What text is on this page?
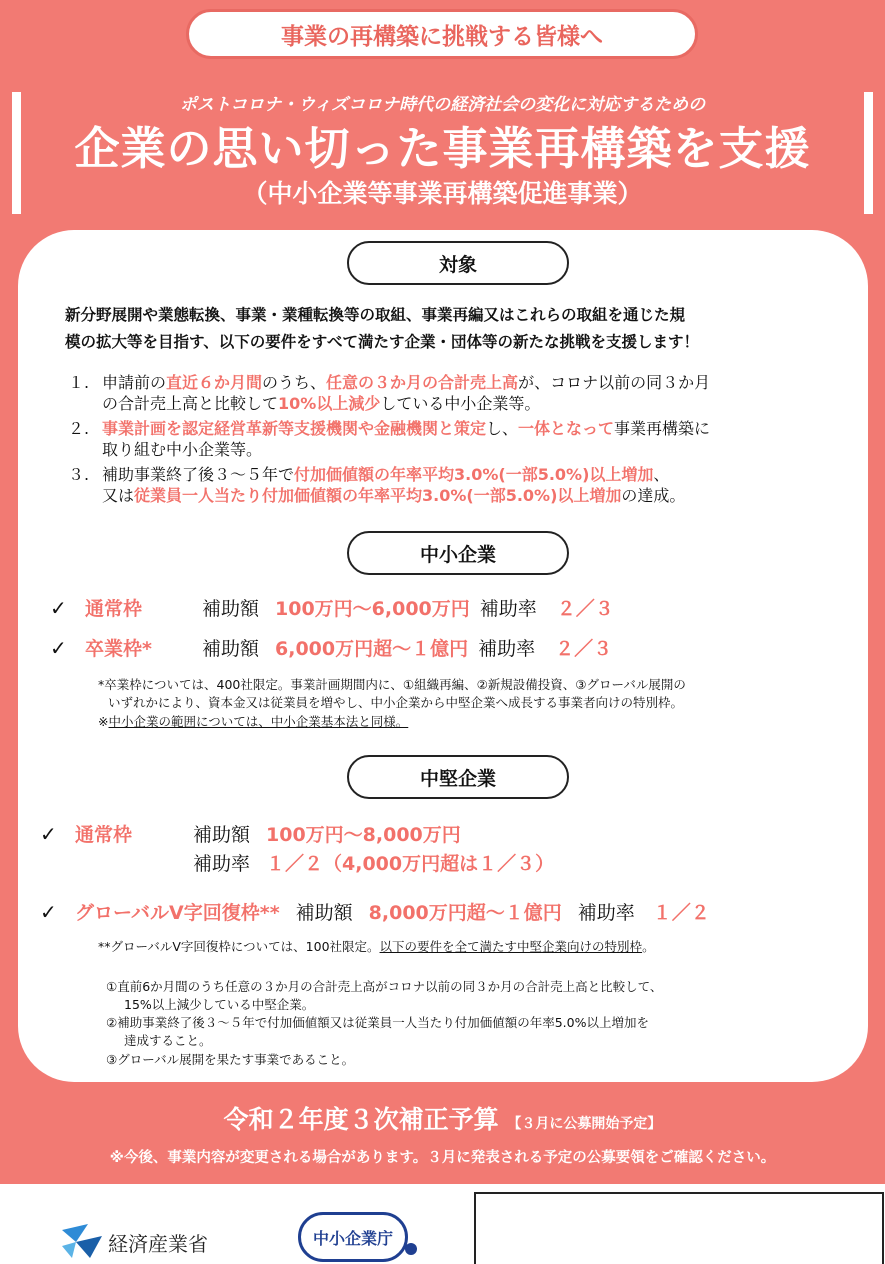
事業の再構築に挑戦する皆様へ
ポストコロナ・ウィズコロナ時代の経済社会の変化に対応するための
企業の思い切った事業再構築を支援
（中小企業等事業再構築促進事業）
対象
新分野展開や業態転換、事業・業種転換等の取組、事業再編又はこれらの取組を通じた規
模の拡大等を目指す、以下の要件をすべて満たす企業・団体等の新たな挑戦を支援します！
１. 申請前の直近６か月間のうち、任意の３か月の合計売上高が、コロナ以前の同３か月
の合計売上高と比較して10%以上減少している中小企業等。
２. 事業計画を認定経営革新等支援機関や金融機関と策定し、一体となって事業再構築に
取り組む中小企業等。
３. 補助事業終了後３～５年で付加価値額の年率平均3.0%(一部5.0%)以上増加、
又は従業員一人当たり付加価値額の年率平均3.0%(一部5.0%)以上増加の達成。
中小企業
✓ 通常枠	補助額 100万円～6,000万円 補助率 ２／３
✓ 卒業枠*	補助額 6,000万円超～１億円 補助率 ２／３
*卒業枠については、400社限定。事業計画期間内に、①組織再編、②新規設備投資、③グローバル展開の
いずれかにより、資本金又は従業員を増やし、中小企業から中堅企業へ成長する事業者向けの特別枠。
※中小企業の範囲については、中小企業基本法と同様。
中堅企業
✓ 通常枠	補助額 100万円～8,000万円
補助率 １／２（4,000万円超は１／３）
✓ グローバルV字回復枠** 補助額 8,000万円超～１億円 補助率 １／２
**グローバルV字回復枠については、100社限定。以下の要件を全て満たす中堅企業向けの特別枠。
①直前6か月間のうち任意の３か月の合計売上高がコロナ以前の同３か月の合計売上高と比較して、
15%以上減少している中堅企業。
②補助事業終了後３～５年で付加価値額又は従業員一人当たり付加価値額の年率5.0%以上増加を
達成すること。
③グローバル展開を果たす事業であること。
令和２年度３次補正予算 【３月に公募開始予定】
※今後、事業内容が変更される場合があります。３月に発表される予定の公募要領をご確認ください。
経済産業省	中小企業庁
